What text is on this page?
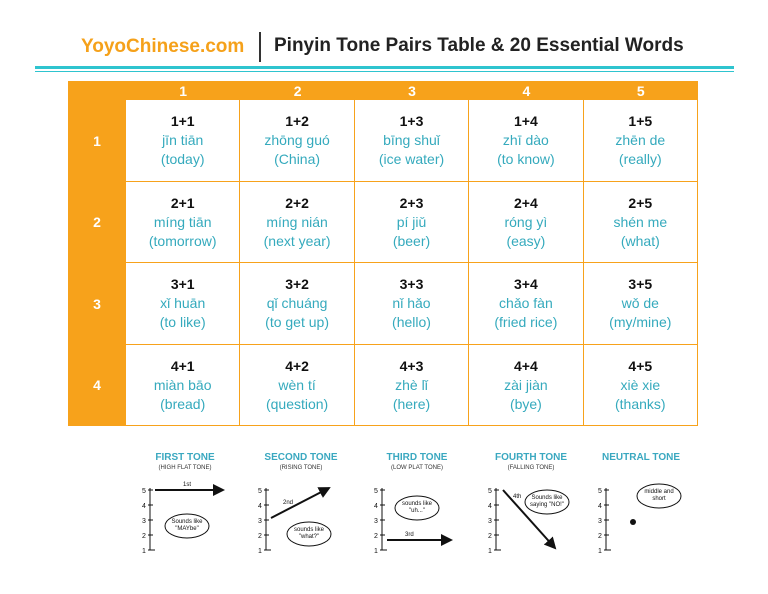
YoyoChinese.com Pinyin Tone Pairs Table & 20 Essential Words
1	2	3	4	5
1
1+1
jīn tiān
(today)
1+2
zhōng guó
(China)
1+3
bīng shuǐ
(ice water)
1+4
zhī dào
(to know)
1+5
zhēn de
(really)
2
2+1
míng tiān
(tomorrow)
2+2
míng nián
(next year)
2+3
pí jiǔ
(beer)
2+4
róng yì
(easy)
2+5
shén me
(what)
3
3+1
xǐ huān
(to like)
3+2
qǐ chuáng
(to get up)
3+3
nǐ hǎo
(hello)
3+4
chǎo fàn
(fried rice)
3+5
wǒ de
(my/mine)
4
4+1
miàn bāo
(bread)
4+2
wèn tí
(question)
4+3
zhè lǐ
(here)
4+4
zài jiàn
(bye)
4+5
xiè xie
(thanks)
FIRST TONE
(HIGH FLAT TONE)
5
4
3
2
1
1st
Sounds like "MAYbe"
SECOND TONE
(RISING TONE)
5
4
3
2
1
2nd
sounds like "what?"
THIRD TONE
(LOW PLAT TONE)
5
4
3
2
1
3rd
sounds like "uh..."
FOURTH TONE
(FALLING TONE)
5
4
3
2
1
4th	Sounds like saying "NO!"
NEUTRAL TONE
5
4
3
2
1
middle and short
